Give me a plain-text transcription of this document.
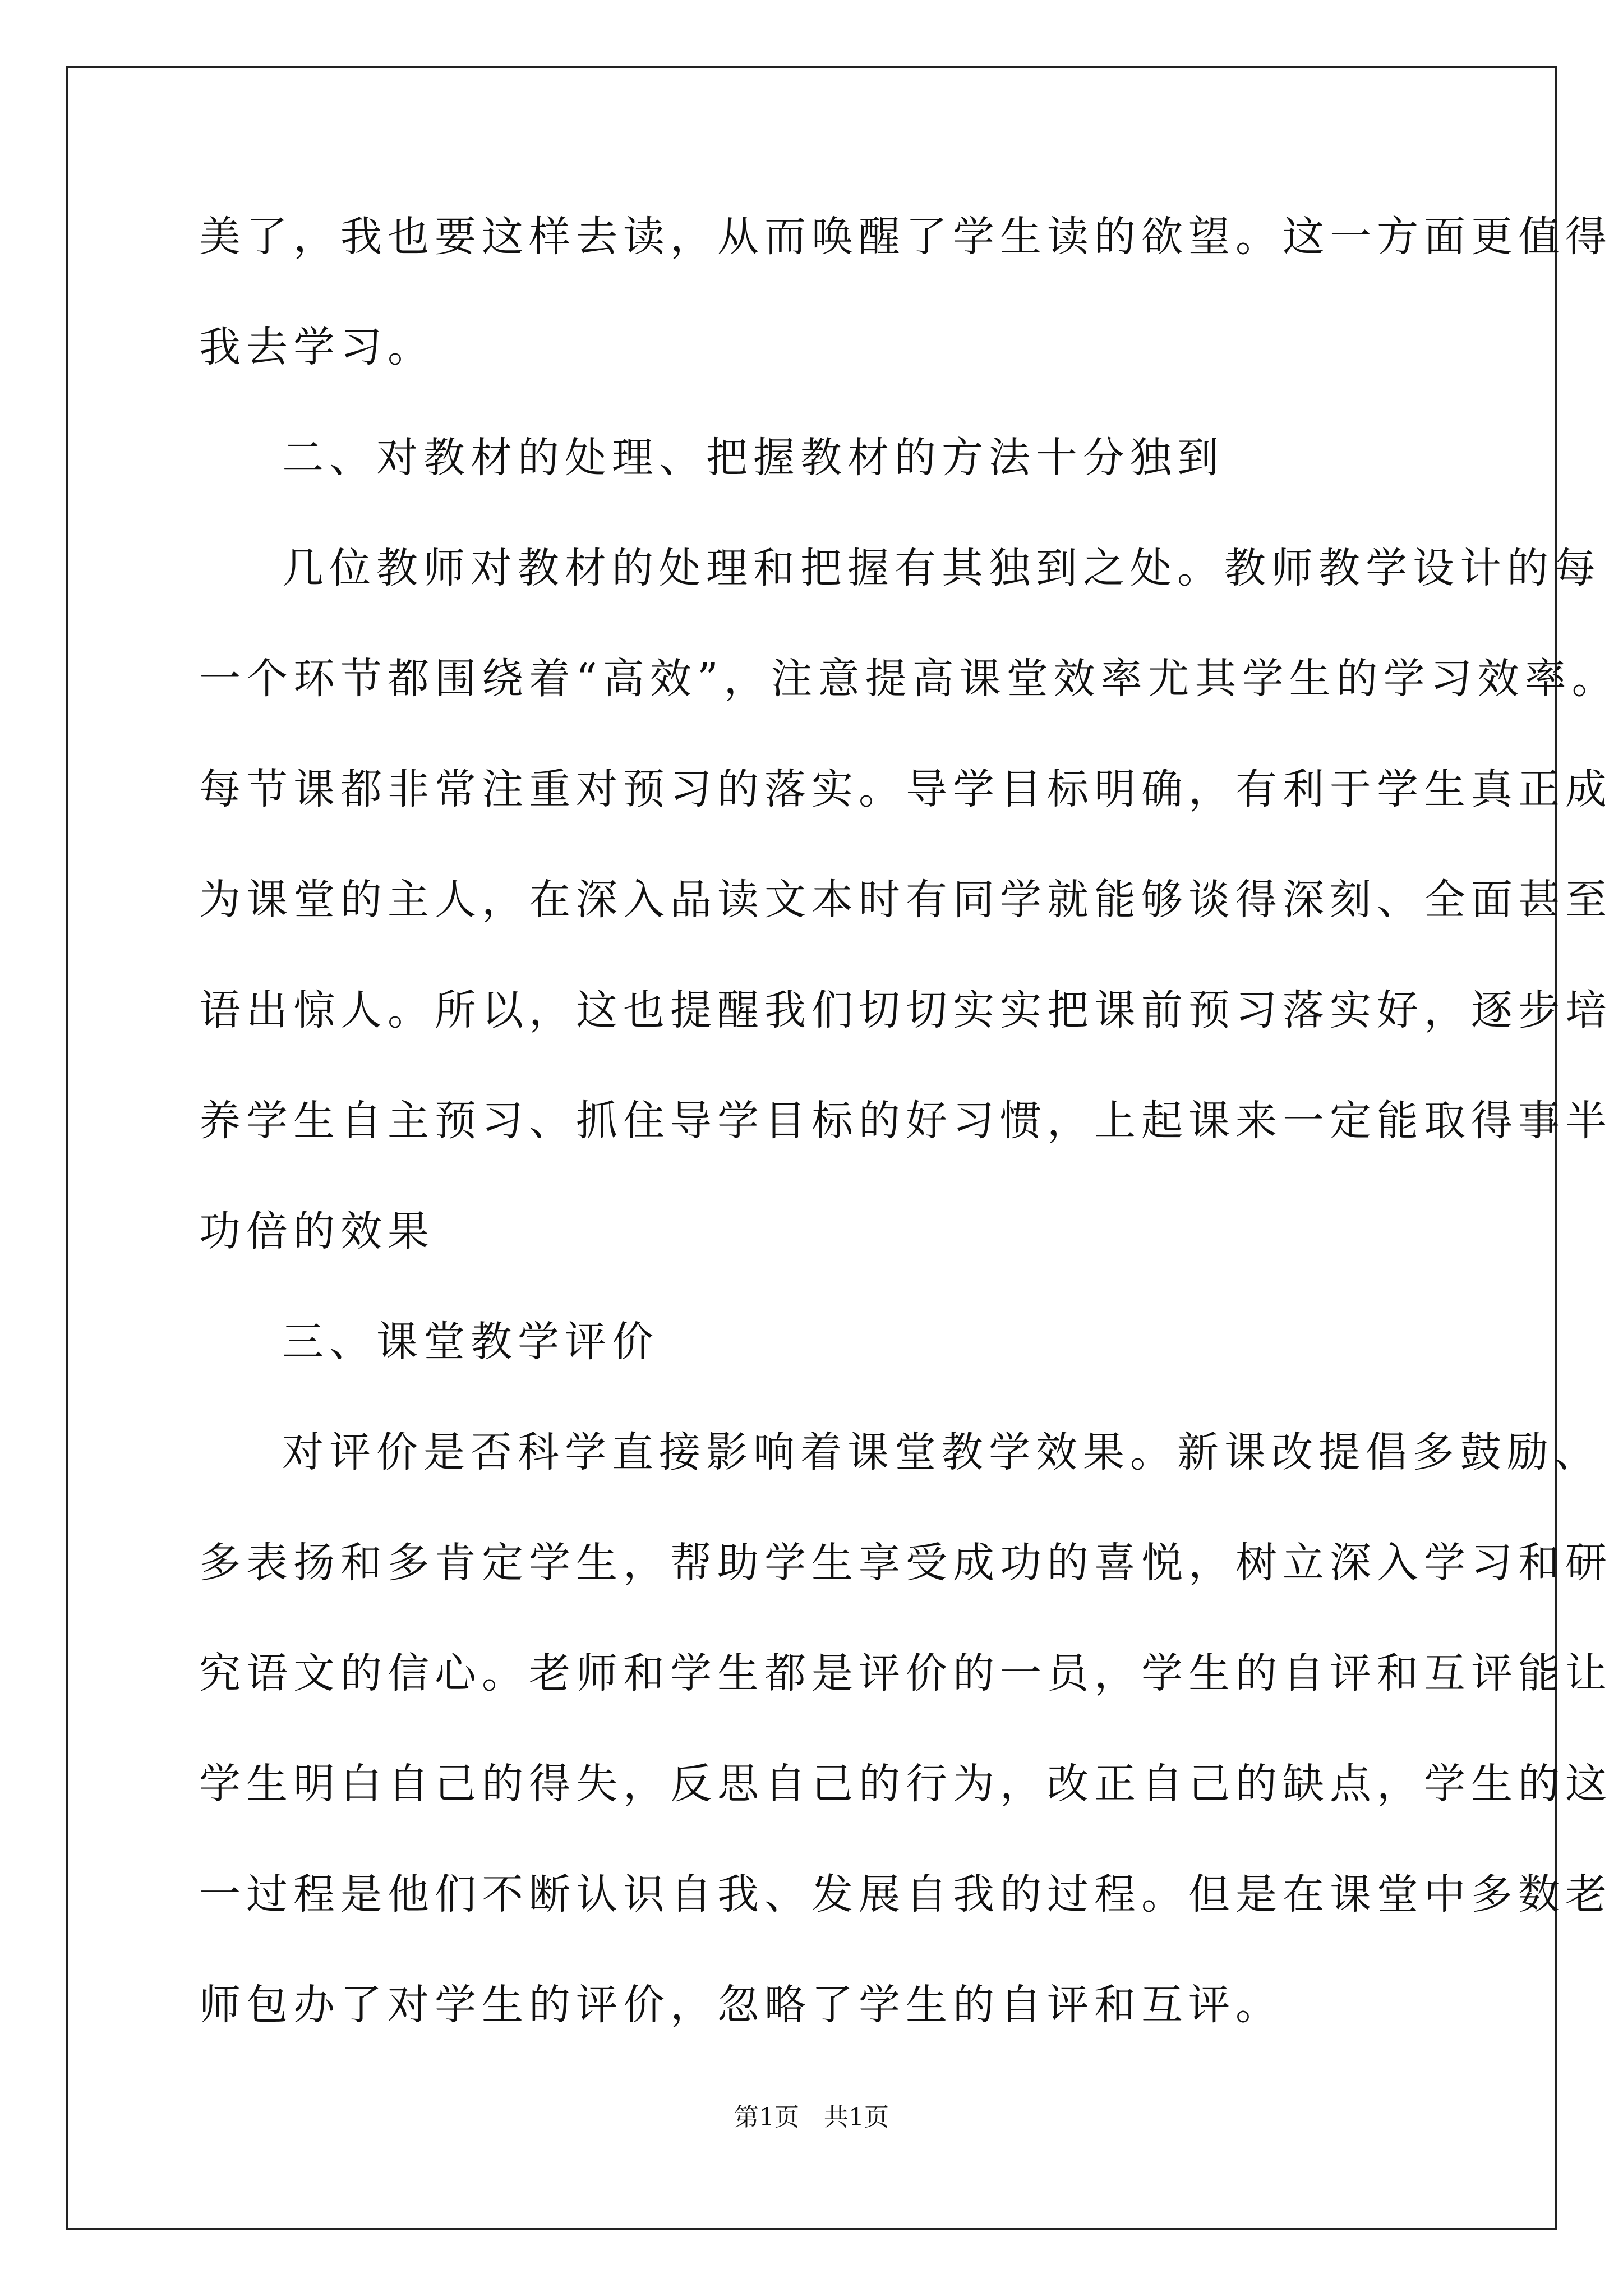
美了，我也要这样去读，从而唤醒了学生读的欲望。这一方面更值得
我去学习。
二、对教材的处理、把握教材的方法十分独到
几位教师对教材的处理和把握有其独到之处。教师教学设计的每
一个环节都围绕着“高效”，注意提高课堂效率尤其学生的学习效率。
每节课都非常注重对预习的落实。导学目标明确，有利于学生真正成
为课堂的主人，在深入品读文本时有同学就能够谈得深刻、全面甚至
语出惊人。所以，这也提醒我们切切实实把课前预习落实好，逐步培
养学生自主预习、抓住导学目标的好习惯，上起课来一定能取得事半
功倍的效果
三、课堂教学评价
对评价是否科学直接影响着课堂教学效果。新课改提倡多鼓励、
多表扬和多肯定学生，帮助学生享受成功的喜悦，树立深入学习和研
究语文的信心。老师和学生都是评价的一员，学生的自评和互评能让
学生明白自己的得失，反思自己的行为，改正自己的缺点，学生的这
一过程是他们不断认识自我、发展自我的过程。但是在课堂中多数老
师包办了对学生的评价，忽略了学生的自评和互评。
第1页　共1页
